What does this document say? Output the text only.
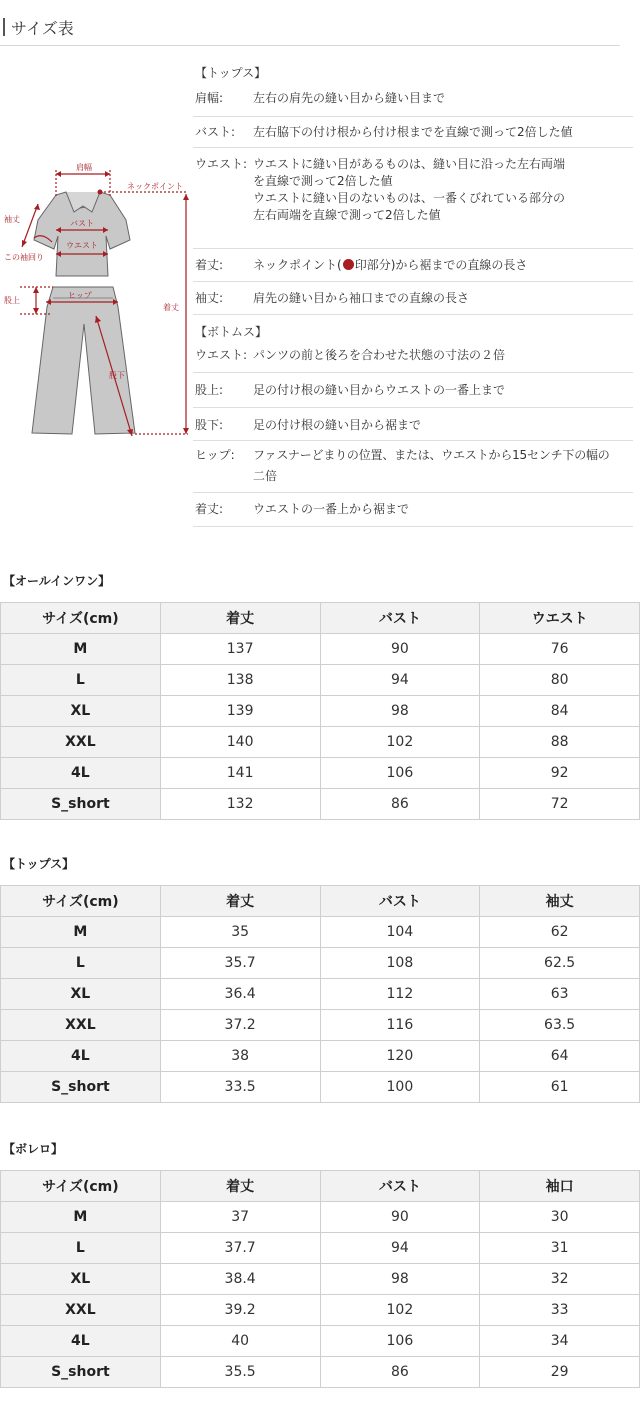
サイズ表
肩幅
ネックポイント
袖丈	バスト
ウエスト
この袖回り
股上
ヒップ
着丈
股下
【トップス】
肩幅: 左右の肩先の縫い目から縫い目まで
バスト: 左右脇下の付け根から付け根までを直線で測って2倍した値
ウエスト: ウエストに縫い目があるものは、縫い目に沿った左右両端
を直線で測って2倍した値
ウエストに縫い目のないものは、一番くびれている部分の
左右両端を直線で測って2倍した値
着丈: ネックポイント( 印部分)から裾までの直線の長さ
袖丈: 肩先の縫い目から袖口までの直線の長さ
【ボトムス】
ウエスト: パンツの前と後ろを合わせた状態の寸法の２倍
股上: 足の付け根の縫い目からウエストの一番上まで
股下: 足の付け根の縫い目から裾まで
ヒップ: ファスナーどまりの位置、または、ウエストから15センチ下の幅の
二倍
着丈: ウエストの一番上から裾まで
【オールインワン】
サイズ(cm)	着丈	バスト	ウエスト
M	137	90	76
L	138	94	80
XL	139	98	84
XXL	140	102	88
4L	141	106	92
S_short	132	86	72
【トップス】
サイズ(cm)	着丈	バスト	袖丈
M	35	104	62
L	35.7	108	62.5
XL	36.4	112	63
XXL	37.2	116	63.5
4L	38	120	64
S_short	33.5	100	61
【ボレロ】
サイズ(cm)	着丈	バスト	袖口
M	37	90	30
L	37.7	94	31
XL	38.4	98	32
XXL	39.2	102	33
4L	40	106	34
S_short	35.5	86	29
